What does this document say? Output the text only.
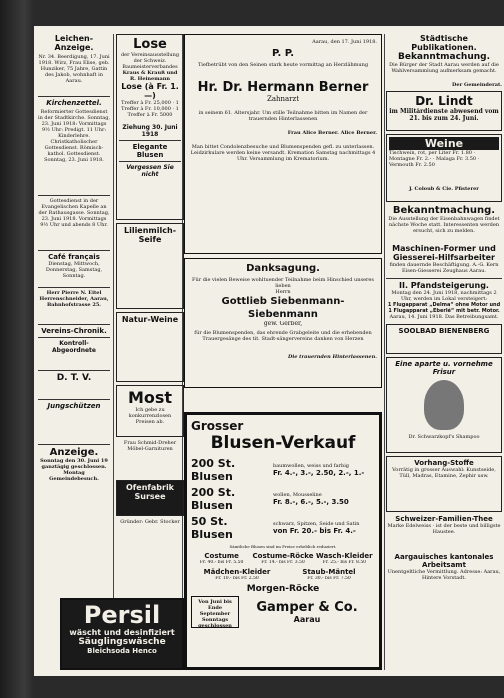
Leichen-Anzeige.
Nr. 34. Beerdigung, 17. Juni 1918. Wirz, Frau Elise, geb. Hunziker, 75 Jahre, Gattin des Jakob, wohnhaft in Aarau.
Kirchenzettel.
Reformierter Gottesdienst in der Stadtkirche. Sonntag, 23. Juni 1918: Vormittags 9½ Uhr: Predigt. 11 Uhr: Kinderlehre. Christkatholischer Gottesdienst. Römisch-kathol. Gottesdienst. Sonntag, 23. Juni 1918.
Gottesdienst in der Evangelischen Kapelle an der Rathausgasse. Sonntag, 23. Juni 1918. Vormittags 9½ Uhr und abends 8 Uhr.
Café français
Dienstag, Mittwoch, Donnerstag, Samstag, Sonntag.
Herr Pierre N. Eitel Herrenschneider, Aarau, Bahnhofstrasse 25.
Vereins-Chronik.
Kontroll-Abgeordnete
D. T. V.
Jungschützen
Anzeige.
Sonntag den 30. Juni 19 ganztägig geschlossen. Montag Gemeindebesuch.
Lose
der Vereinsausstellung der Schweiz. Baumeisterverbandes
Kraus & Krauß und R. Heinemann
Lose (à Fr. 1.—)
Treffer à Fr. 25,000 · 1 Treffer à Fr. 10,000 · 1 Treffer à Fr. 5000
Ziehung 30. Juni 1918
Elegante Blusen
Vergessen Sie nicht
Lilienmilch-Seife
Natur-Weine
Most
Ich gebe zu konkurrenzlosen Preisen ab.
Frau Schmid-Dreher Möbel-Garnituren
Ofenfabrik Sursee
Gründer: Gebr. Stocker
Persil
wäscht und desinfiziert
Säuglingswäsche
Bleichsoda Henco
Aarau, den 17. Juni 1918.
P. P.
Tiefbetrübt von den Seinen stark heute vormittag an Herzlähmung
Hr. Dr. Hermann Berner
Zahnarzt
in seinem 61. Altersjahr. Um stille Teilnahme bitten im Namen der trauernden Hinterlassenen
Frau Alice Berner. Alice Berner.
Man bittet Condolenzbesuche und Blumenspenden gefl. zu unterlassen. Leidzirkulare werden keine versandt. Kremation Samstag nachmittags 4 Uhr. Versammlung im Krematorium.
Danksagung.
Für die vielen Beweise wohltuender Teilnahme beim Hinschied unseres lieben
Herrn
Gottlieb Siebenmann-Siebenmann
gew. Gerber,
für die Blumenspenden, das ehrende Grabgeleite und die erhebenden Trauergesänge des tit. Stadt-sängervereins danken von Herzen
Die trauernden Hinterlassenen.
Grosser
Blusen-Verkauf
200 St. Blusen
baumwollen, weiss und farbig
Fr. 4.-, 3.-, 2.50, 2.-, 1.-
200 St. Blusen
wollen, Mousseline
Fr. 8.-, 6.-, 5.-, 3.50
50 St. Blusen
schwarz, Spitzen, Seide und Satin
von Fr. 20.- bis Fr. 4.-
Sämtliche Blusen sind im Preise erheblich reduziert.
Costume
Fr. 40.- bis Fr. 5.50
Costume-Röcke
Fr. 14.- bis Fr. 3.50
Wasch-Kleider
Fr. 25.- bis Fr. 8.50
Mädchen-Kleider
Fr. 10.- bis Fr. 2.50
Staub-Mäntel
Fr. 30.- bis Fr. 7.50
Morgen-Röcke
Von Juni bis Ende September Sonntags geschlossen
Gamper & Co.
Aarau
Städtische Publikationen.
Bekanntmachung.
Die Bürger der Stadt Aarau werden auf die Wahlversammlung aufmerksam gemacht.
Der Gemeinderat.
Dr. Lindt
im Militärdienste abwesend vom 21. bis zum 24. Juni.
Weine
Tischwein, rot, per Liter Fr. 1.80 · Montagne Fr. 2.- · Malaga Fr. 3.50 · Vermouth Fr. 2.50
J. Coloub & Cie. Pfisterer
Bekanntmachung.
Die Ausstellung der Eisenbahnwagen findet nächste Woche statt. Interessenten werden ersucht, sich zu melden.
Maschinen-Former und Giesserei-Hilfsarbeiter
finden dauernde Beschäftigung. A.-G. Kern Eisen-Giesserei Zeughaus Aarau.
II. Pfandsteigerung.
Montag den 24. Juni 1918, nachmittags 2 Uhr, werden im Lokal versteigert:
1 Flugapparat „Delma“ ohne Motor und
1 Flugapparat „Eberlé“ mit betr. Motor.
Aarau, 14. Juni 1918. Das Betreibungsamt.
SOOLBAD BIENENBERG
Eine aparte u. vornehme Frisur
Dr. Schwarzkopf's Shampoo
Vorhang-Stoffe
Vorrätig in grosser Auswahl: Kunstseide, Tüll, Madras, Etamine, Zephir usw.
Schweizer-Familien-Thee
Marke Edelweiss · ist der beste und billigste Haustee.
Aargauisches kantonales Arbeitsamt
Unentgeltliche Vermittlung. Adresse: Aarau, Hintere Vorstadt.
